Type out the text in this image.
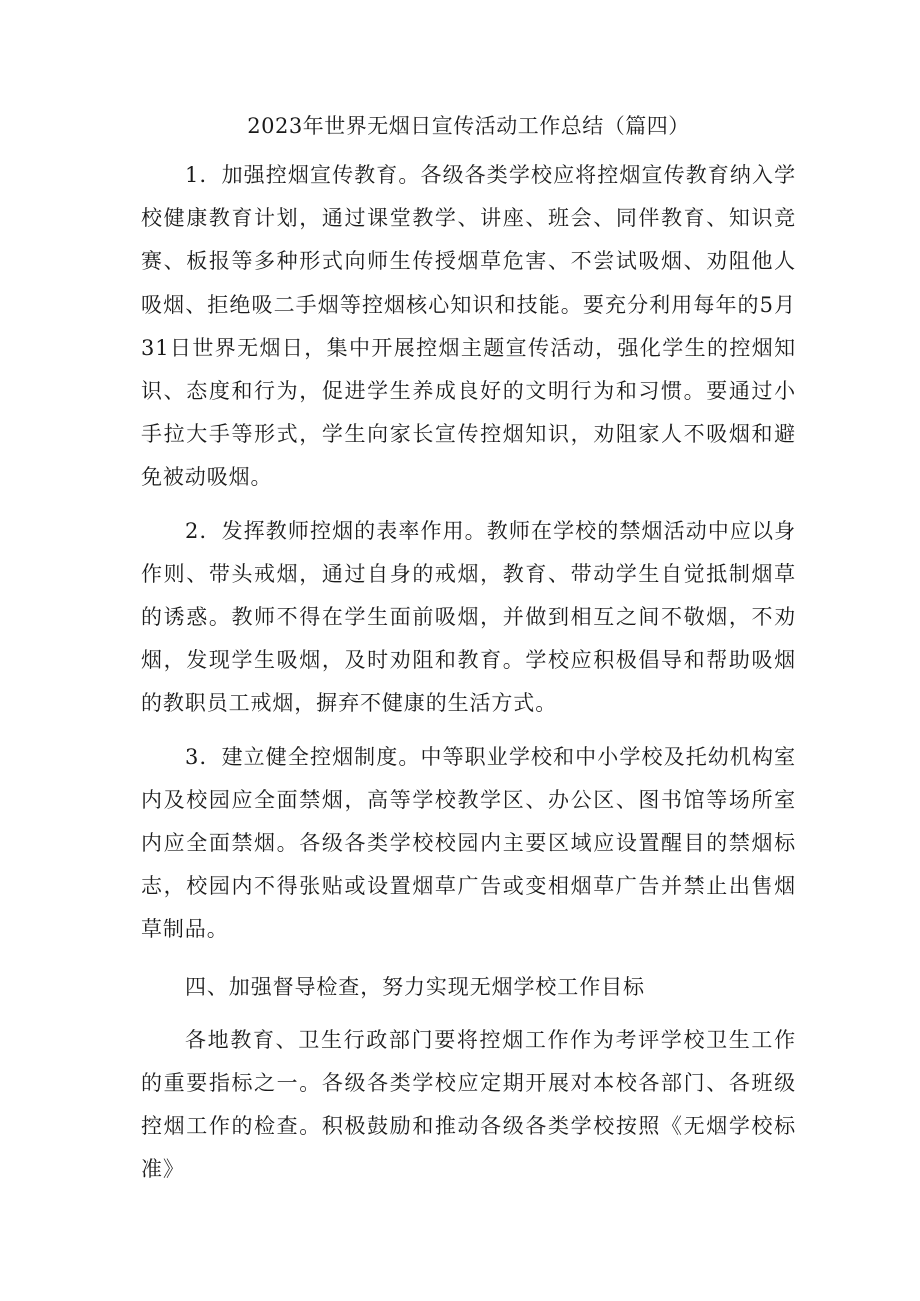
2023年世界无烟日宣传活动工作总结（篇四）

1．加强控烟宣传教育。各级各类学校应将控烟宣传教育纳入学校健康教育计划，通过课堂教学、讲座、班会、同伴教育、知识竞赛、板报等多种形式向师生传授烟草危害、不尝试吸烟、劝阻他人吸烟、拒绝吸二手烟等控烟核心知识和技能。要充分利用每年的5月31日世界无烟日，集中开展控烟主题宣传活动，强化学生的控烟知识、态度和行为，促进学生养成良好的文明行为和习惯。要通过小手拉大手等形式，学生向家长宣传控烟知识，劝阻家人不吸烟和避免被动吸烟。

2．发挥教师控烟的表率作用。教师在学校的禁烟活动中应以身作则、带头戒烟，通过自身的戒烟，教育、带动学生自觉抵制烟草的诱惑。教师不得在学生面前吸烟，并做到相互之间不敬烟，不劝烟，发现学生吸烟，及时劝阻和教育。学校应积极倡导和帮助吸烟的教职员工戒烟，摒弃不健康的生活方式。

3．建立健全控烟制度。中等职业学校和中小学校及托幼机构室内及校园应全面禁烟，高等学校教学区、办公区、图书馆等场所室内应全面禁烟。各级各类学校校园内主要区域应设置醒目的禁烟标志，校园内不得张贴或设置烟草广告或变相烟草广告并禁止出售烟草制品。

四、加强督导检查，努力实现无烟学校工作目标

各地教育、卫生行政部门要将控烟工作作为考评学校卫生工作的重要指标之一。各级各类学校应定期开展对本校各部门、各班级控烟工作的检查。积极鼓励和推动各级各类学校按照《无烟学校标准》
